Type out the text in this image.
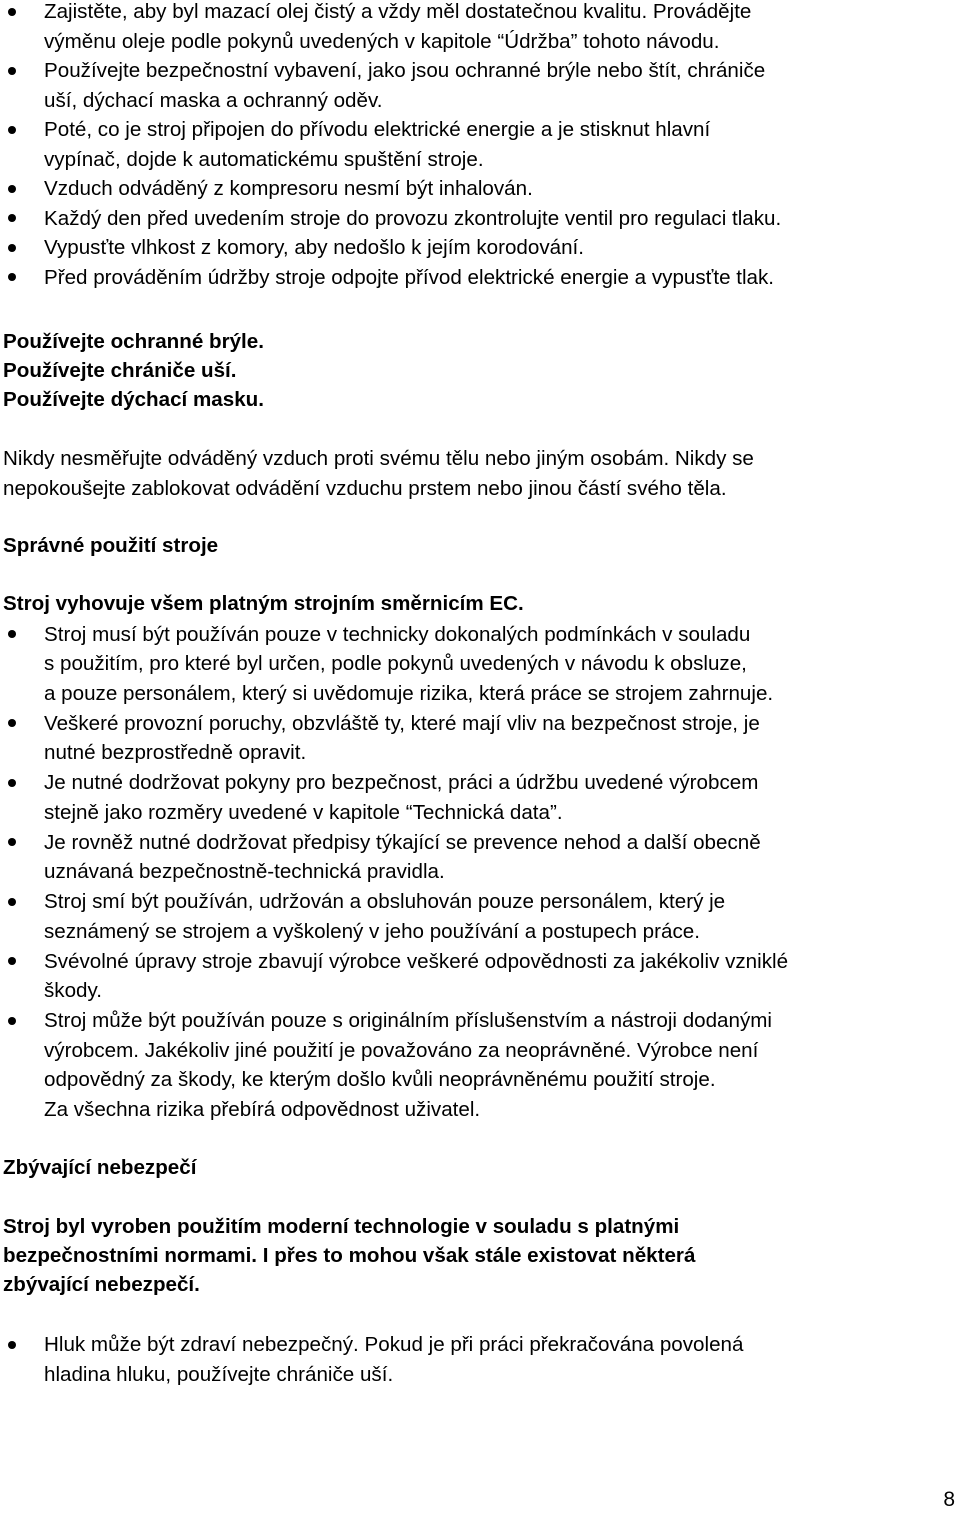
Zajistěte, aby byl mazací olej čistý a vždy měl dostatečnou kvalitu. Provádějte
výměnu oleje podle pokynů uvedených v kapitole “Údržba” tohoto návodu.
Používejte bezpečnostní vybavení, jako jsou ochranné brýle nebo štít, chrániče
uší, dýchací maska a ochranný oděv.
Poté, co je stroj připojen do přívodu elektrické energie a je stisknut hlavní
vypínač, dojde k automatickému spuštění stroje.
Vzduch odváděný z kompresoru nesmí být inhalován.
Každý den před uvedením stroje do provozu zkontrolujte ventil pro regulaci tlaku.
Vypusťte vlhkost z komory, aby nedošlo k jejím korodování.
Před prováděním údržby stroje odpojte přívod elektrické energie a vypusťte tlak.

Používejte ochranné brýle.

Používejte chrániče uší.

Používejte dýchací masku.

Nikdy nesměřujte odváděný vzduch proti svému tělu nebo jiným osobám. Nikdy se
nepokoušejte zablokovat odvádění vzduchu prstem nebo jinou částí svého těla.
Správné použití stroje
Stroj vyhovuje všem platným strojním směrnicím EC.
Stroj musí být používán pouze v technicky dokonalých podmínkách v souladu
s použitím, pro které byl určen, podle pokynů uvedených v návodu k obsluze,
a pouze personálem, který si uvědomuje rizika, která práce se strojem zahrnuje.
Veškeré provozní poruchy, obzvláště ty, které mají vliv na bezpečnost stroje, je
nutné bezprostředně opravit.
Je nutné dodržovat pokyny pro bezpečnost, práci a údržbu uvedené výrobcem
stejně jako rozměry uvedené v kapitole “Technická data”.
Je rovněž nutné dodržovat předpisy týkající se prevence nehod a další obecně
uznávaná bezpečnostně-technická pravidla.
Stroj smí být používán, udržován a obsluhován pouze personálem, který je
seznámený se strojem a vyškolený v jeho používání a postupech práce.
Svévolné úpravy stroje zbavují výrobce veškeré odpovědnosti za jakékoliv vzniklé
škody.
Stroj může být používán pouze s originálním příslušenstvím a nástroji dodanými
výrobcem. Jakékoliv jiné použití je považováno za neoprávněné. Výrobce není
odpovědný za škody, ke kterým došlo kvůli neoprávněnému použití stroje.
Za všechna rizika přebírá odpovědnost uživatel.
Zbývající nebezpečí
Stroj byl vyroben použitím moderní technologie v souladu s platnými
bezpečnostními normami. I přes to mohou však stále existovat některá
zbývající nebezpečí.
Hluk může být zdraví nebezpečný. Pokud je při práci překračována povolená
hladina hluku, používejte chrániče uší.
8
